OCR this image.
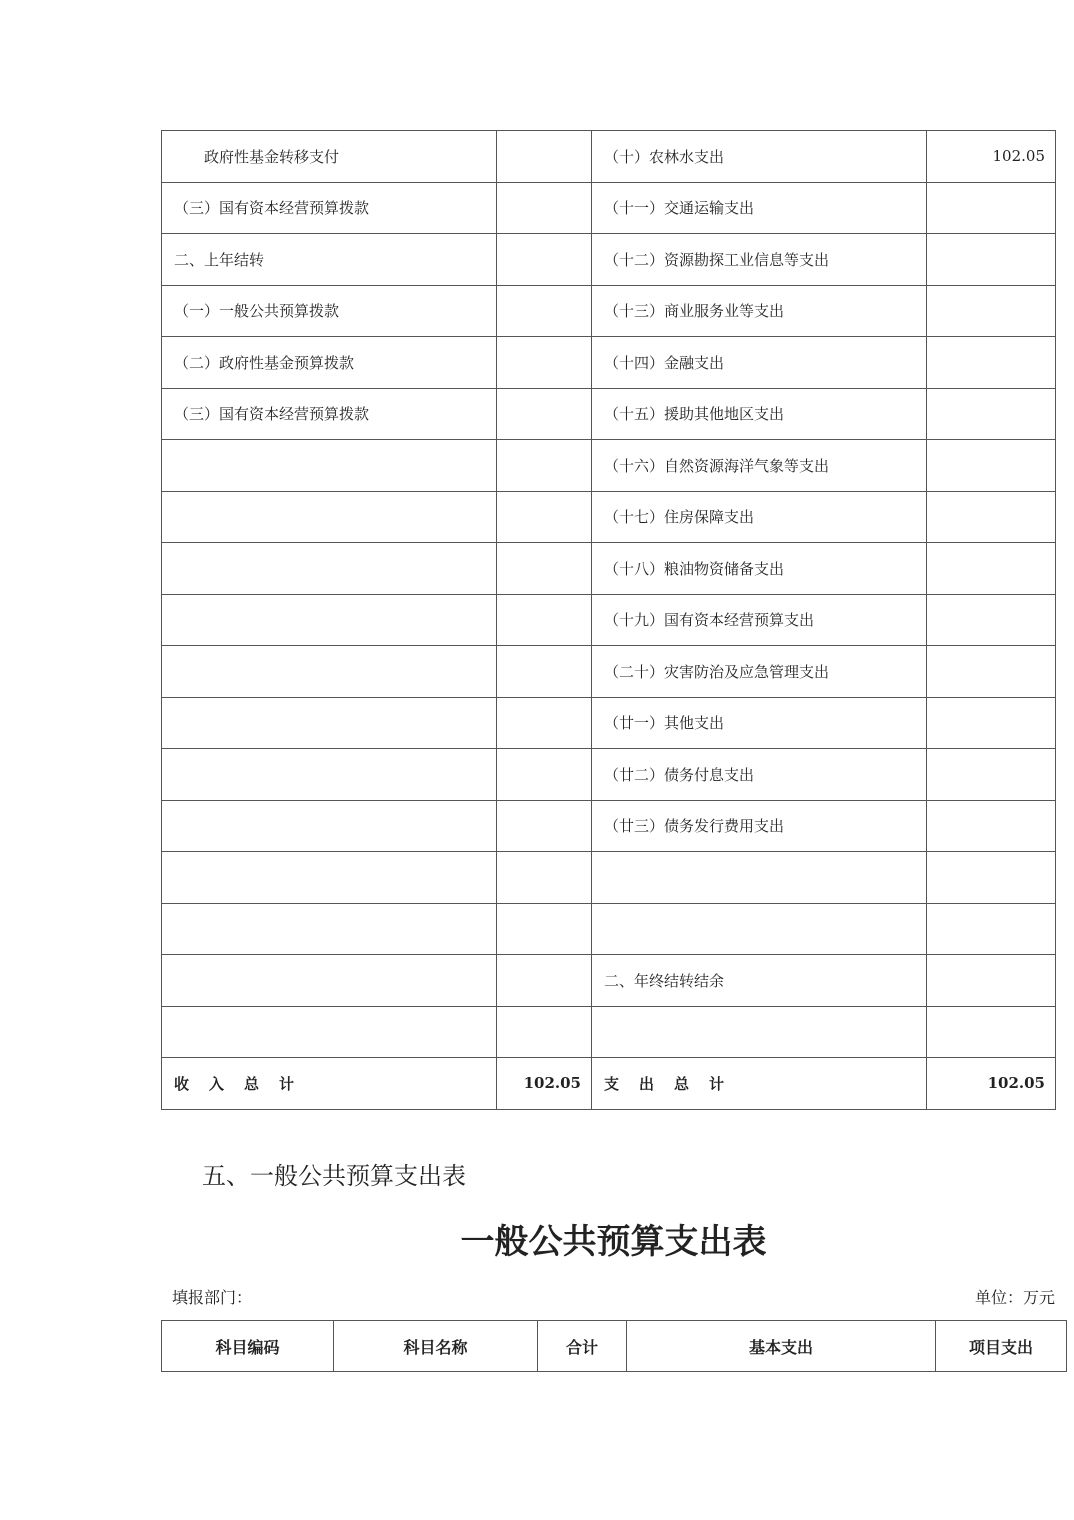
政府性基金转移支付		（十）农林水支出	102.05
（三）国有资本经营预算拨款		（十一）交通运输支出	
二、上年结转		（十二）资源勘探工业信息等支出	
（一）一般公共预算拨款		（十三）商业服务业等支出	
（二）政府性基金预算拨款		（十四）金融支出	
（三）国有资本经营预算拨款		（十五）援助其他地区支出	
		（十六）自然资源海洋气象等支出	
		（十七）住房保障支出	
		（十八）粮油物资储备支出	
		（十九）国有资本经营预算支出	
		（二十）灾害防治及应急管理支出	
		（廿一）其他支出	
		（廿二）债务付息支出	
		（廿三）债务发行费用支出	

		二、年终结转结余	

收入总计	102.05	支出总计	102.05
五、一般公共预算支出表
一般公共预算支出表
填报部门：	单位：万元
科目编码	科目名称	合计	基本支出	项目支出
